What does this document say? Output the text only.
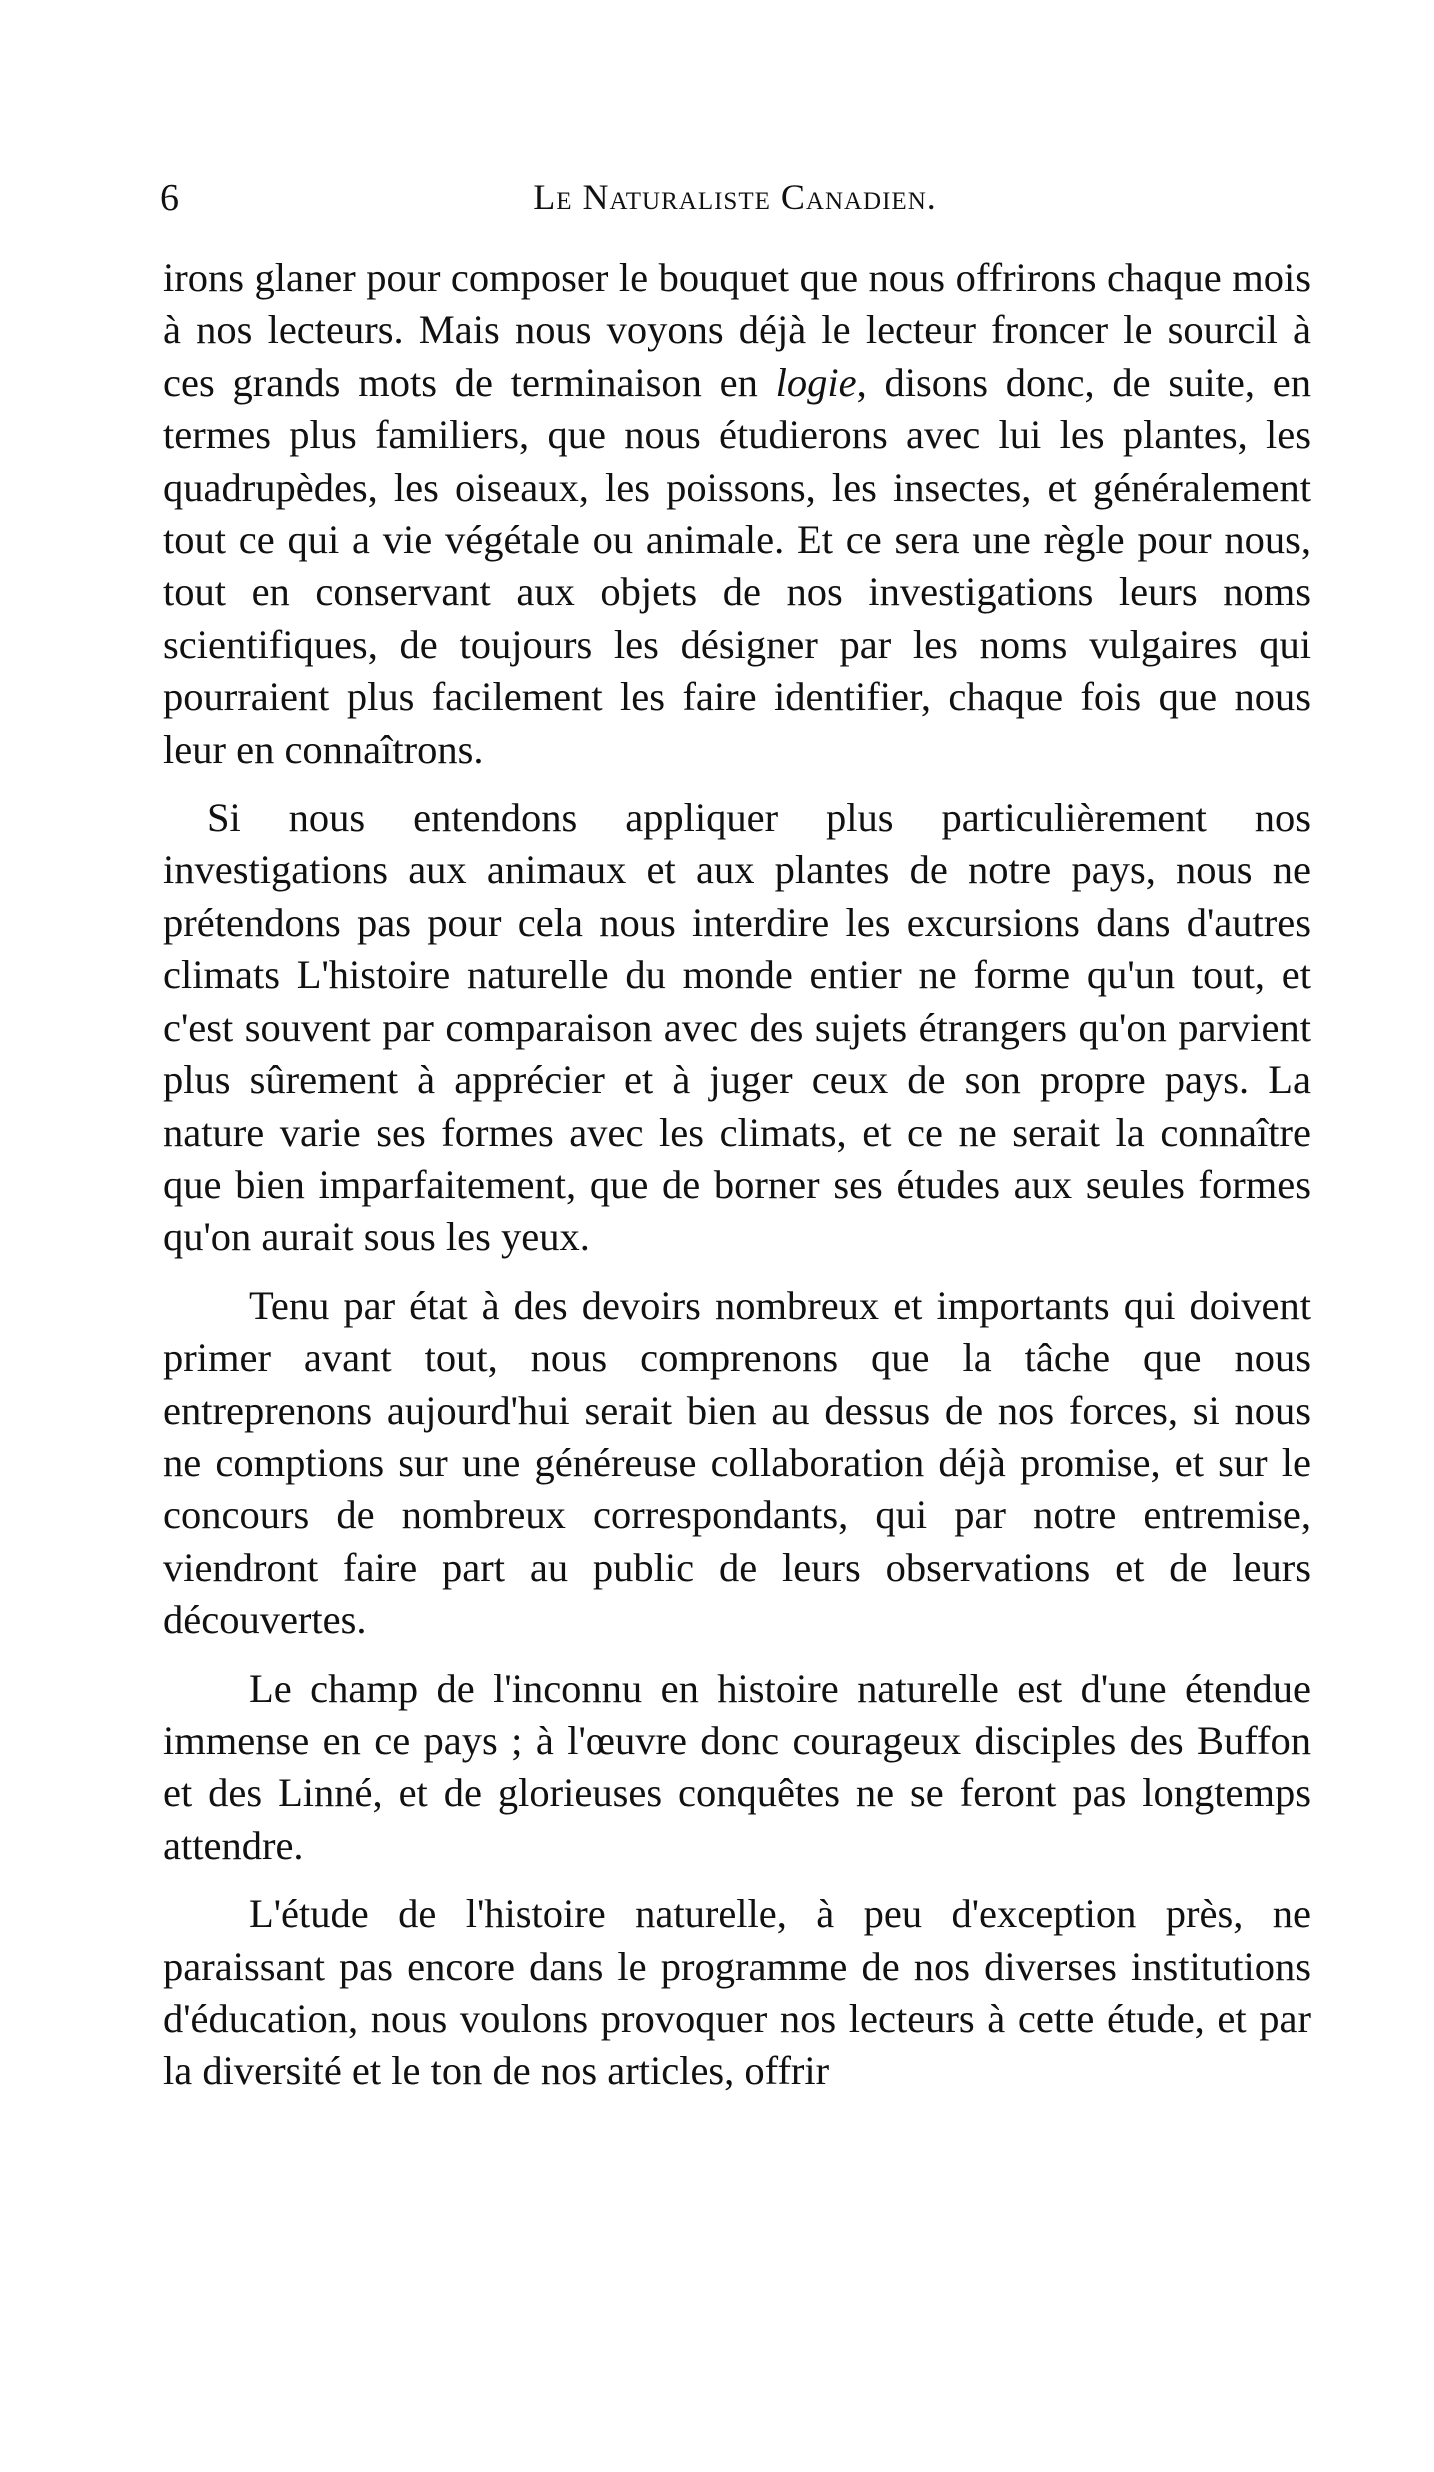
6	Le Naturaliste Canadien.

irons glaner pour composer le bouquet que nous offrirons chaque mois à nos lecteurs. Mais nous voyons déjà le lecteur froncer le sourcil à ces grands mots de terminaison en logie, disons donc, de suite, en termes plus familiers, que nous étudierons avec lui les plantes, les quadrupèdes, les oiseaux, les poissons, les insectes, et généralement tout ce qui a vie végétale ou animale. Et ce sera une règle pour nous, tout en conservant aux objets de nos investigations leurs noms scientifiques, de toujours les désigner par les noms vulgaires qui pourraient plus facilement les faire identifier, chaque fois que nous leur en connaîtrons.

Si nous entendons appliquer plus particulièrement nos investigations aux animaux et aux plantes de notre pays, nous ne prétendons pas pour cela nous interdire les excursions dans d'autres climats L'histoire naturelle du monde entier ne forme qu'un tout, et c'est souvent par comparaison avec des sujets étrangers qu'on parvient plus sûrement à apprécier et à juger ceux de son propre pays. La nature varie ses formes avec les climats, et ce ne serait la connaître que bien imparfaitement, que de borner ses études aux seules formes qu'on aurait sous les yeux.

Tenu par état à des devoirs nombreux et importants qui doivent primer avant tout, nous comprenons que la tâche que nous entreprenons aujourd'hui serait bien au dessus de nos forces, si nous ne comptions sur une généreuse collaboration déjà promise, et sur le concours de nombreux correspondants, qui par notre entremise, viendront faire part au public de leurs observations et de leurs découvertes.

Le champ de l'inconnu en histoire naturelle est d'une étendue immense en ce pays ; à l'œuvre donc courageux disciples des Buffon et des Linné, et de glorieuses conquêtes ne se feront pas longtemps attendre.

L'étude de l'histoire naturelle, à peu d'exception près, ne paraissant pas encore dans le programme de nos diverses institutions d'éducation, nous voulons provoquer nos lecteurs à cette étude, et par la diversité et le ton de nos articles, offrir
